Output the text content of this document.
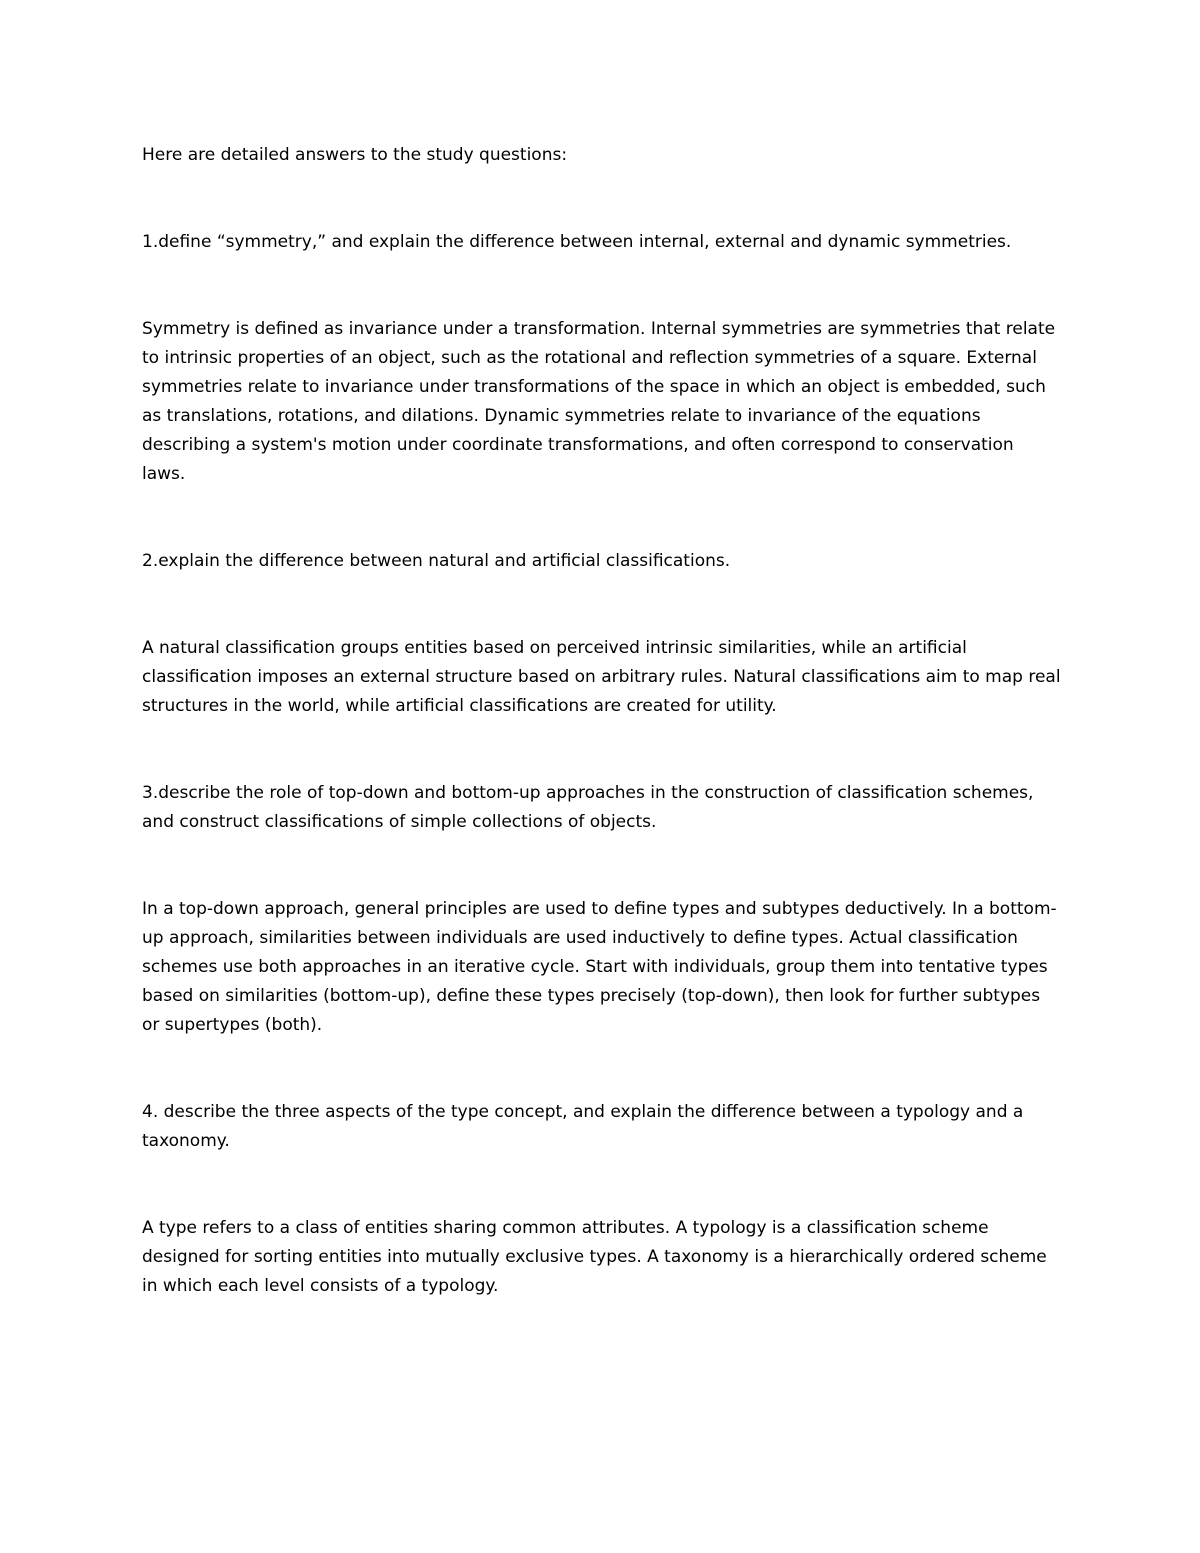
Here are detailed answers to the study questions:

1.define “symmetry,” and explain the difference between internal, external and dynamic symmetries.

Symmetry is defined as invariance under a transformation. Internal symmetries are symmetries that relate to intrinsic properties of an object, such as the rotational and reflection symmetries of a square. External symmetries relate to invariance under transformations of the space in which an object is embedded, such as translations, rotations, and dilations. Dynamic symmetries relate to invariance of the equations describing a system's motion under coordinate transformations, and often correspond to conservation laws.

2.explain the difference between natural and artificial classifications.

A natural classification groups entities based on perceived intrinsic similarities, while an artificial classification imposes an external structure based on arbitrary rules. Natural classifications aim to map real structures in the world, while artificial classifications are created for utility.

3.describe the role of top-down and bottom-up approaches in the construction of classification schemes, and construct classifications of simple collections of objects.

In a top-down approach, general principles are used to define types and subtypes deductively. In a bottom-up approach, similarities between individuals are used inductively to define types. Actual classification schemes use both approaches in an iterative cycle. Start with individuals, group them into tentative types based on similarities (bottom-up), define these types precisely (top-down), then look for further subtypes or supertypes (both).

4. describe the three aspects of the type concept, and explain the difference between a typology and a taxonomy.

A type refers to a class of entities sharing common attributes. A typology is a classification scheme designed for sorting entities into mutually exclusive types. A taxonomy is a hierarchically ordered scheme in which each level consists of a typology.
